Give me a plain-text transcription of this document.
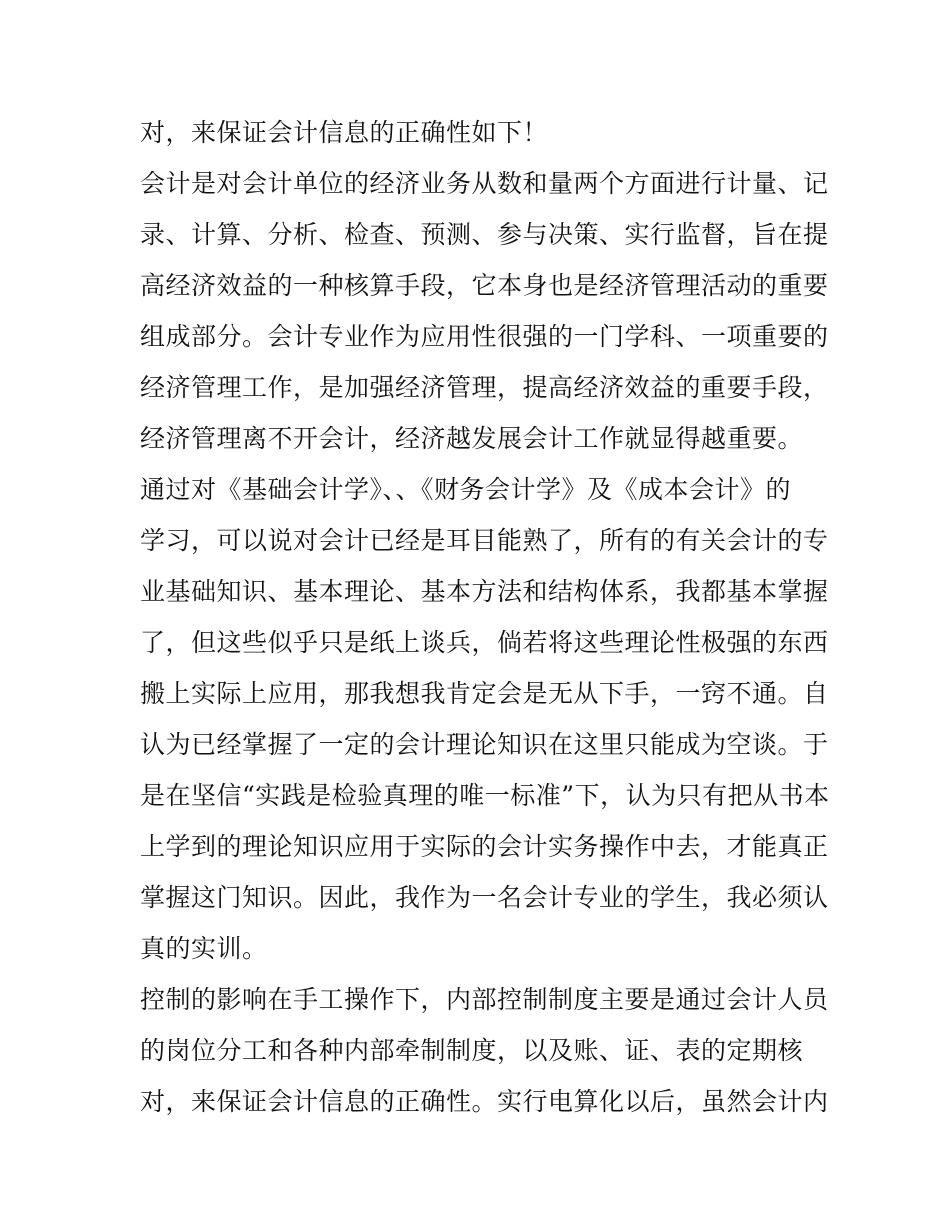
对，来保证会计信息的正确性如下！
会计是对会计单位的经济业务从数和量两个方面进行计量、记
录、计算、分析、检查、预测、参与决策、实行监督，旨在提
高经济效益的一种核算手段，它本身也是经济管理活动的重要
组成部分。会计专业作为应用性很强的一门学科、一项重要的
经济管理工作，是加强经济管理，提高经济效益的重要手段，
经济管理离不开会计，经济越发展会计工作就显得越重要。
通过对《基础会计学》、、《财务会计学》及《成本会计》的
学习，可以说对会计已经是耳目能熟了，所有的有关会计的专
业基础知识、基本理论、基本方法和结构体系，我都基本掌握
了，但这些似乎只是纸上谈兵，倘若将这些理论性极强的东西
搬上实际上应用，那我想我肯定会是无从下手，一窍不通。自
认为已经掌握了一定的会计理论知识在这里只能成为空谈。于
是在坚信“实践是检验真理的唯一标准”下，认为只有把从书本
上学到的理论知识应用于实际的会计实务操作中去，才能真正
掌握这门知识。因此，我作为一名会计专业的学生，我必须认
真的实训。
控制的影响在手工操作下，内部控制制度主要是通过会计人员
的岗位分工和各种内部牵制制度，以及账、证、表的定期核
对，来保证会计信息的正确性。实行电算化以后，虽然会计内
